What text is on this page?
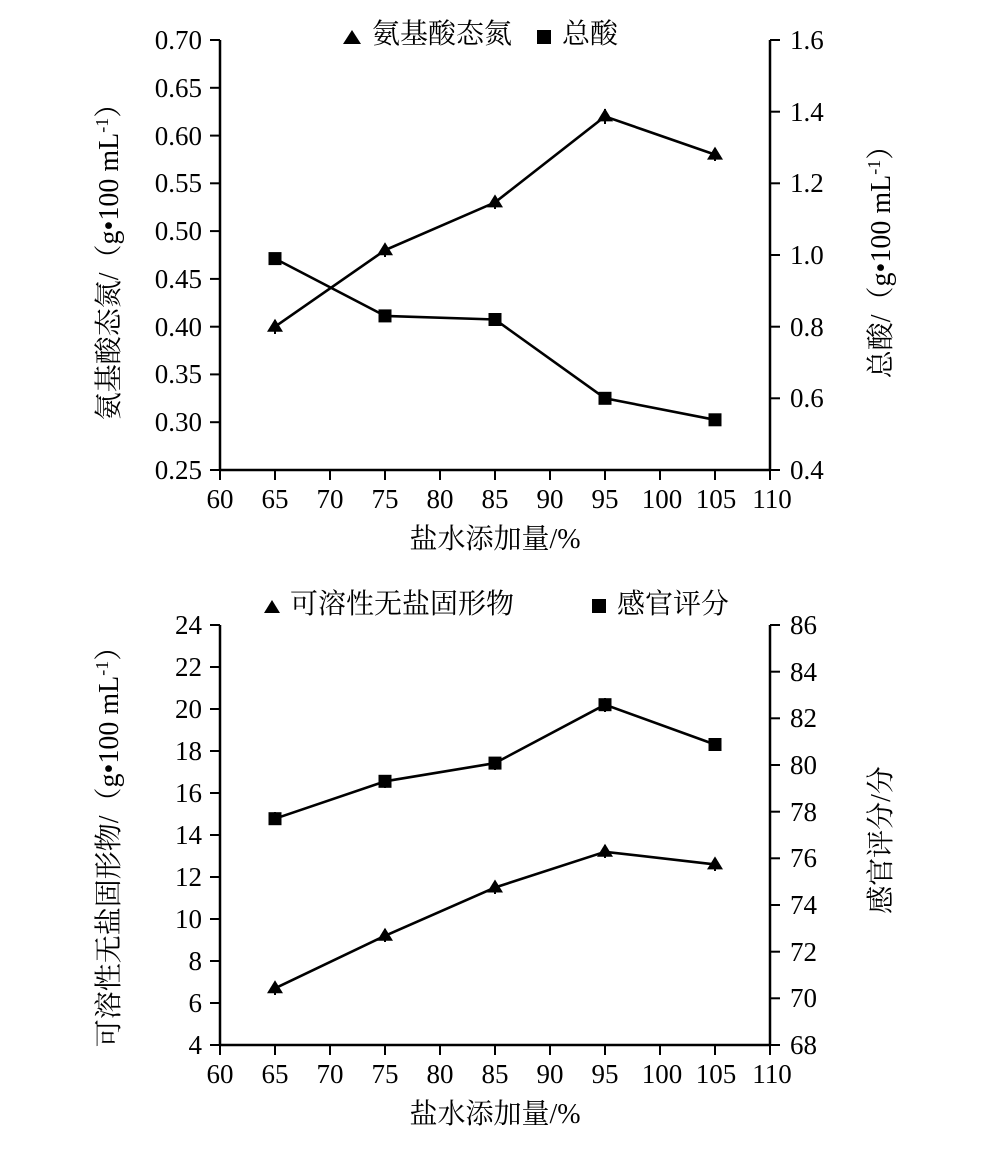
60 65 70 75 80 85 90 95 100 105 110
0.25
0.30
0.35
0.40
0.45
0.50
0.55
0.60
0.65
0.70
0.4
0.6
0.8
1.0
1.2
1.4
1.6
氨基酸态氮 总酸
盐水添加量/%
氨基酸态氮/（g•100 $mL^{-1}$）
总酸/（g•100 $mL^{-1}$）
60 65 70 75 80 85 90 95 100 105 110
4
6
8
10
12
14
16
18
20
22
24
68
70
72
74
76
78
80
82
84
86
可溶性无盐固形物	感官评分
盐水添加量/%
可溶性无盐固形物/（g•100 $mL^{-1}$）
感官评分/分
